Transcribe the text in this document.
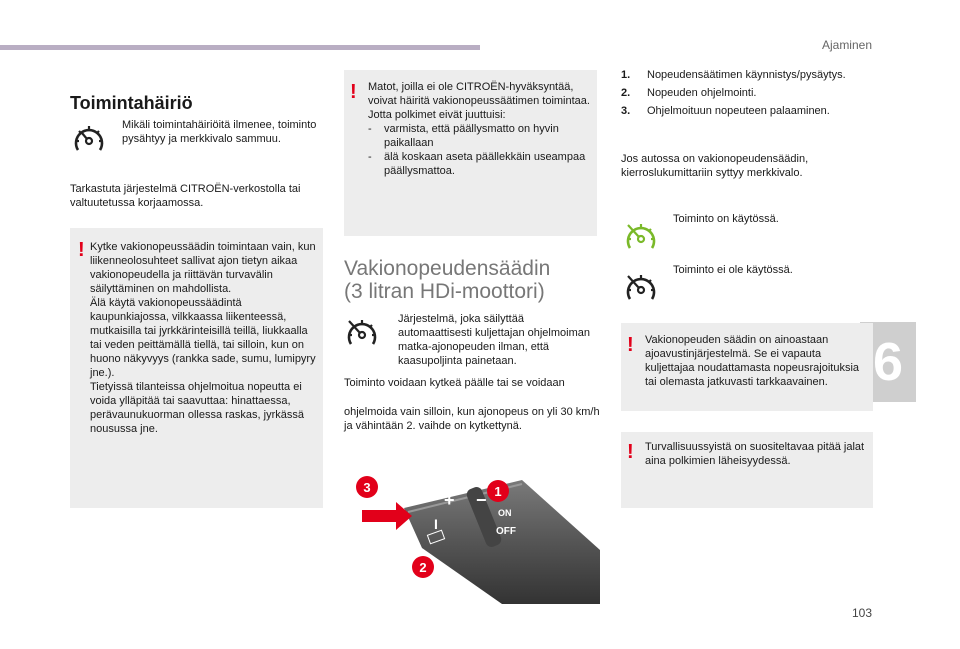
Ajaminen
6
103
Toimintahäiriö
Mikäli toimintahäiriöitä ilmenee, toiminto pysähtyy ja merkkivalo sammuu.
Tarkastuta järjestelmä CITROËN-verkostolla tai valtuutetussa korjaamossa.
! Kytke vakionopeussäädin toimintaan vain, kun liikenneolosuhteet sallivat ajon tietyn aikaa vakionopeudella ja riittävän turvavälin säilyttäminen on mahdollista.
Älä käytä vakionopeussäädintä kaupunkiajossa, vilkkaassa liikenteessä, mutkaisilla tai jyrkkärinteisillä teillä, liukkaalla tai veden peittämällä tiellä, tai silloin, kun on huono näkyvyys (rankka sade, sumu, lumipyry jne.).
Tietyissä tilanteissa ohjelmoitua nopeutta ei voida ylläpitää tai saavuttaa: hinattaessa, perävaunukuorman ollessa raskas, jyrkässä nousussa jne.
! Matot, joilla ei ole CITROËN-hyväksyntää, voivat häiritä vakionopeussäätimen toimintaa.
Jotta polkimet eivät juuttuisi:
- varmista, että päällysmatto on hyvin paikallaan
- älä koskaan aseta päällekkäin useampaa päällysmattoa.
Vakionopeudensäädin
(3 litran HDi-moottori)
Järjestelmä, joka säilyttää automaattisesti kuljettajan ohjelmoiman matka-ajonopeuden ilman, että kaasupoljinta painetaan.
Toiminto voidaan kytkeä päälle tai se voidaan
ohjelmoida vain silloin, kun ajonopeus on yli 30 km/h ja vähintään 2. vaihde on kytkettynä.
+ −
I
ON
OFF
1
2
3
1.	Nopeudensäätimen käynnistys/pysäytys.
2.	Nopeuden ohjelmointi.
3.	Ohjelmoituun nopeuteen palaaminen.
Jos autossa on vakionopeudensäädin, kierroslukumittariin syttyy merkkivalo.
Toiminto on käytössä.
Toiminto ei ole käytössä.
! Vakionopeuden säädin on ainoastaan ajoavustinjärjestelmä. Se ei vapauta kuljettajaa noudattamasta nopeusrajoituksia tai olemasta jatkuvasti tarkkaavainen.
! Turvallisuussyistä on suositeltavaa pitää jalat aina polkimien läheisyydessä.
